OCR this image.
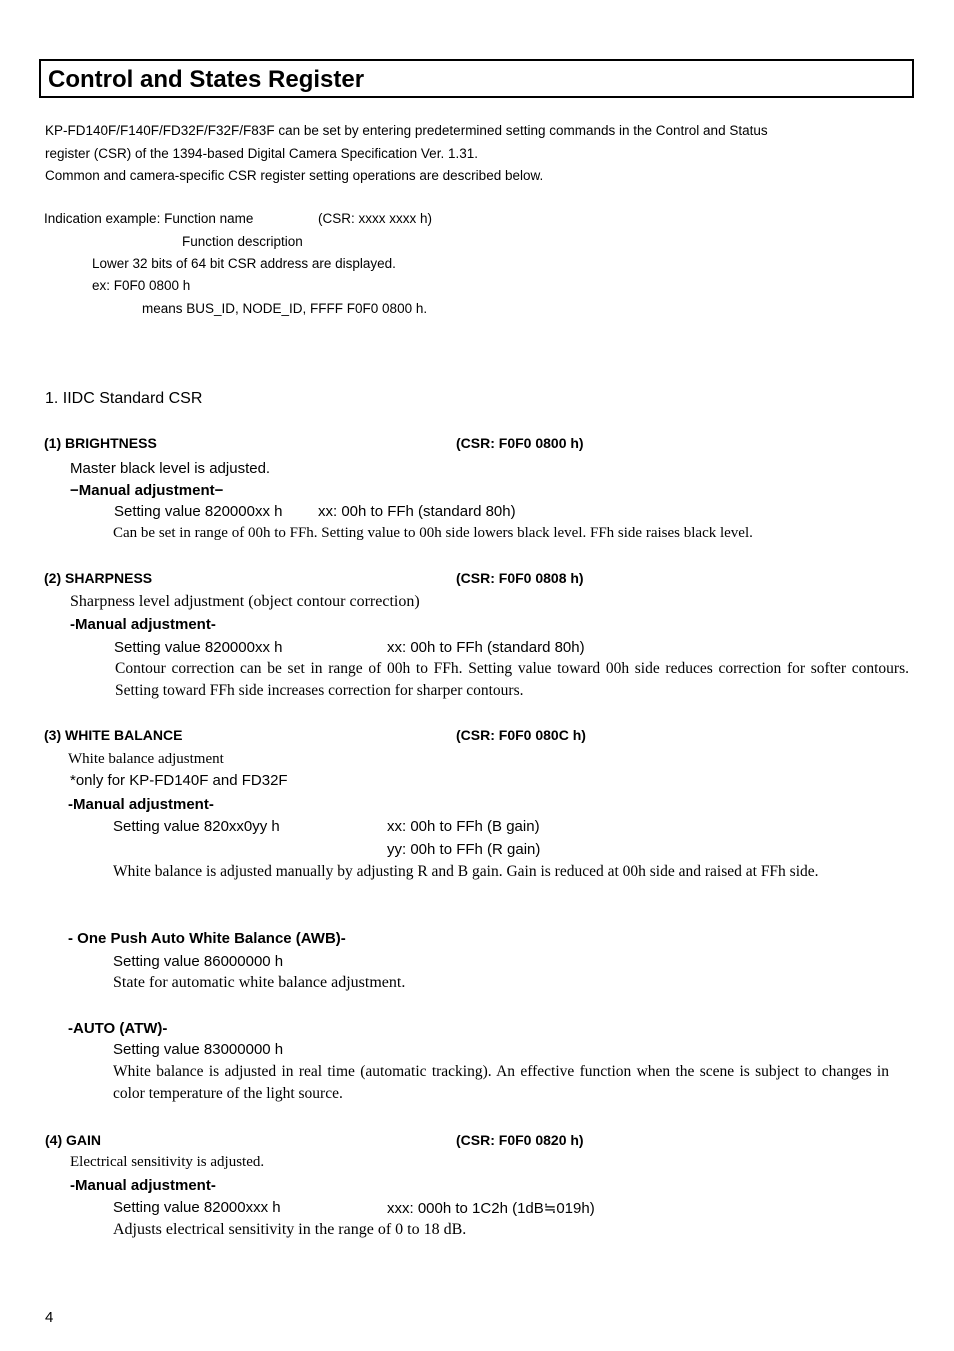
Control and States Register
KP-FD140F/F140F/FD32F/F32F/F83F can be set by entering predetermined setting commands in the Control and Status
register (CSR) of the 1394-based Digital Camera Specification Ver. 1.31.
Common and camera-specific CSR register setting operations are described below.
Indication example: Function name	(CSR: xxxx xxxx h)
Function description
Lower 32 bits of 64 bit CSR address are displayed.
ex: F0F0 0800 h
means BUS_ID, NODE_ID, FFFF F0F0 0800 h.
1. IIDC Standard CSR
(1) BRIGHTNESS	(CSR: F0F0 0800 h)
Master black level is adjusted.
−Manual adjustment−
Setting value 820000xx h xx: 00h to FFh (standard 80h)
Can be set in range of 00h to FFh. Setting value to 00h side lowers black level. FFh side raises black level.
(2) SHARPNESS	(CSR: F0F0 0808 h)
Sharpness level adjustment (object contour correction)
-Manual adjustment-
Setting value 820000xx h	xx: 00h to FFh (standard 80h)
Contour correction can be set in range of 00h to FFh. Setting value toward 00h side reduces correction for softer contours. Setting toward FFh side increases correction for sharper contours.
(3) WHITE BALANCE	(CSR: F0F0 080C h)
White balance adjustment
*only for KP-FD140F and FD32F
-Manual adjustment-
Setting value 820xx0yy h	xx: 00h to FFh (B gain)
yy: 00h to FFh (R gain)
White balance is adjusted manually by adjusting R and B gain. Gain is reduced at 00h side and raised at FFh side.
- One Push Auto White Balance (AWB)-
Setting value 86000000 h
State for automatic white balance adjustment.
-AUTO (ATW)-
Setting value 83000000 h
White balance is adjusted in real time (automatic tracking). An effective function when the scene is subject to changes in color temperature of the light source.
(4) GAIN	(CSR: F0F0 0820 h)
Electrical sensitivity is adjusted.
-Manual adjustment-
Setting value 82000xxx h	xxx: 000h to 1C2h (1dB≒019h)
Adjusts electrical sensitivity in the range of 0 to 18 dB.
4
